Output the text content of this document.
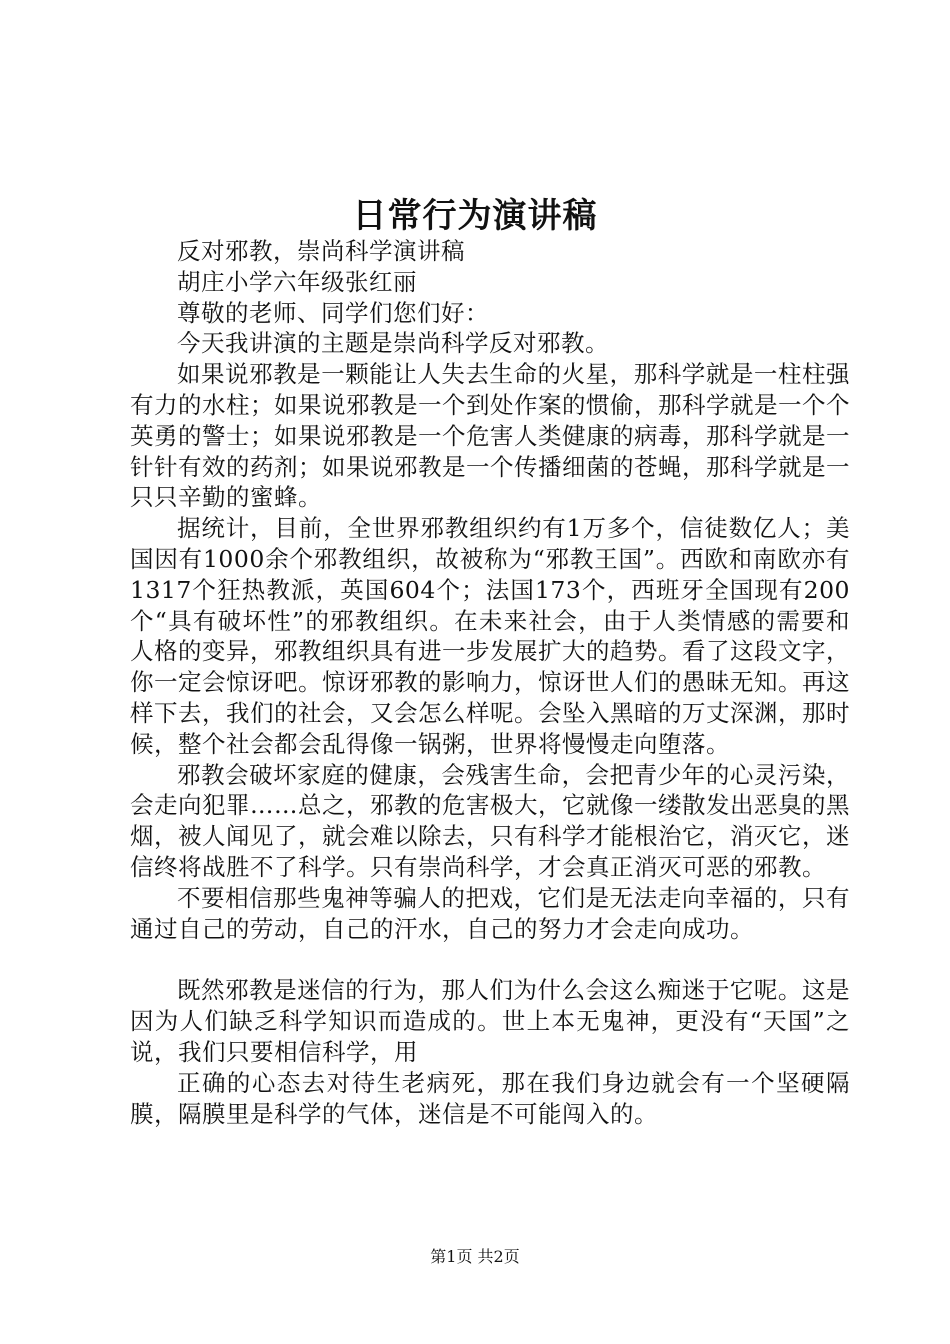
日常行为演讲稿

反对邪教，崇尚科学演讲稿

胡庄小学六年级张红丽

尊敬的老师、同学们您们好：

今天我讲演的主题是崇尚科学反对邪教。

如果说邪教是一颗能让人失去生命的火星，那科学就是一柱柱强有力的水柱；如果说邪教是一个到处作案的惯偷，那科学就是一个个英勇的警士；如果说邪教是一个危害人类健康的病毒，那科学就是一针针有效的药剂；如果说邪教是一个传播细菌的苍蝇，那科学就是一只只辛勤的蜜蜂。

据统计，目前，全世界邪教组织约有1万多个，信徒数亿人；美国因有1000余个邪教组织，故被称为“邪教王国”。西欧和南欧亦有1317个狂热教派，英国604个；法国173个，西班牙全国现有200个“具有破坏性”的邪教组织。在未来社会，由于人类情感的需要和人格的变异，邪教组织具有进一步发展扩大的趋势。看了这段文字，你一定会惊讶吧。惊讶邪教的影响力，惊讶世人们的愚昧无知。再这样下去，我们的社会，又会怎么样呢。会坠入黑暗的万丈深渊，那时候，整个社会都会乱得像一锅粥，世界将慢慢走向堕落。

邪教会破坏家庭的健康，会残害生命，会把青少年的心灵污染，会走向犯罪……总之，邪教的危害极大，它就像一缕散发出恶臭的黑烟，被人闻见了，就会难以除去，只有科学才能根治它，消灭它，迷信终将战胜不了科学。只有崇尚科学，才会真正消灭可恶的邪教。

不要相信那些鬼神等骗人的把戏，它们是无法走向幸福的，只有通过自己的劳动，自己的汗水，自己的努力才会走向成功。

既然邪教是迷信的行为，那人们为什么会这么痴迷于它呢。这是因为人们缺乏科学知识而造成的。世上本无鬼神，更没有“天国”之说，我们只要相信科学，用

正确的心态去对待生老病死，那在我们身边就会有一个坚硬隔膜，隔膜里是科学的气体，迷信是不可能闯入的。

第1页 共2页
